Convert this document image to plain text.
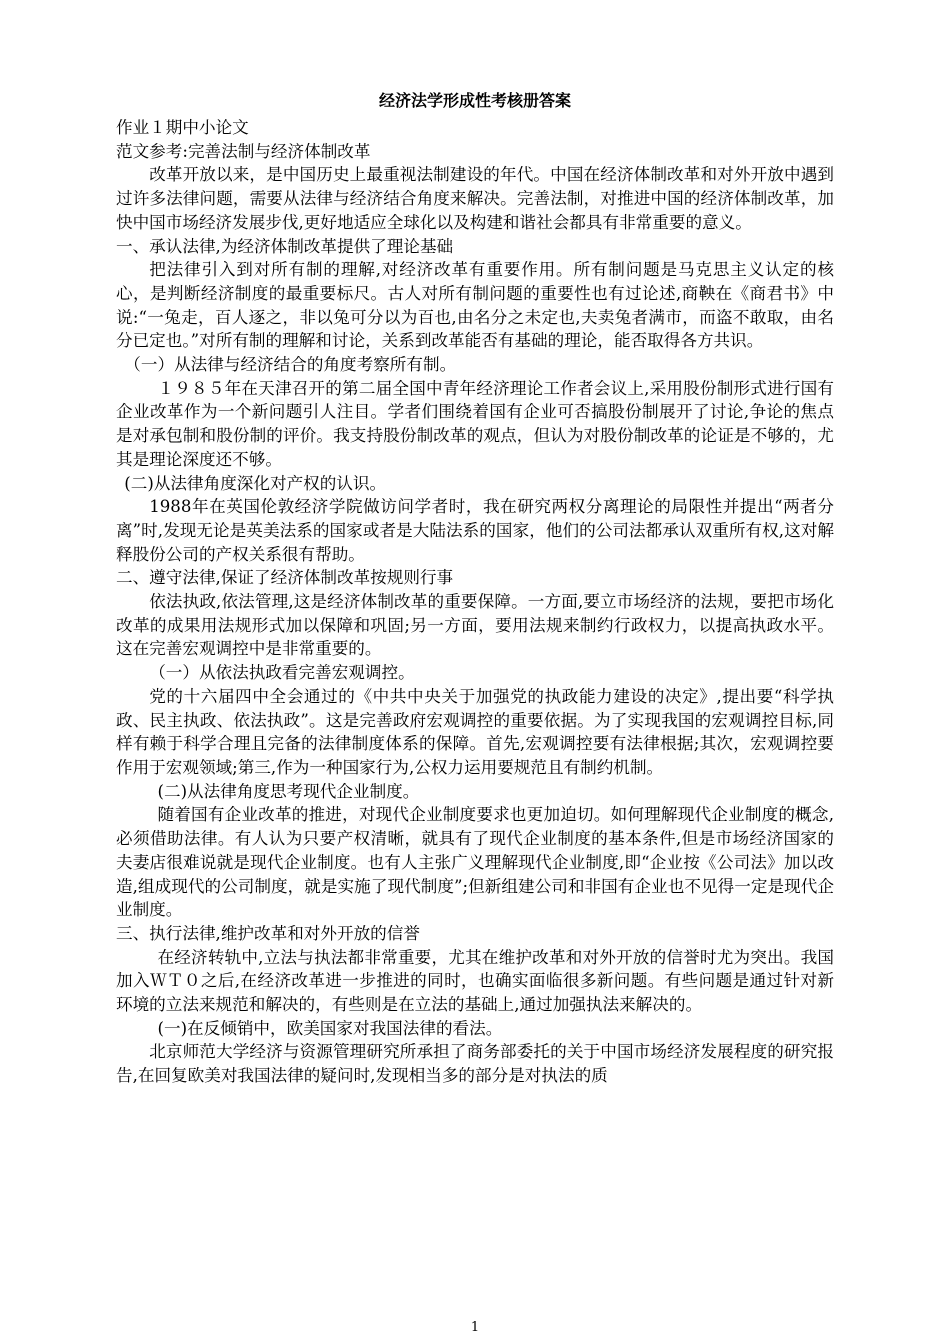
经济法学形成性考核册答案

作业１期中小论文

范文参考:完善法制与经济体制改革

改革开放以来，是中国历史上最重视法制建设的年代。中国在经济体制改革和对外开放中遇到过许多法律问题，需要从法律与经济结合角度来解决。完善法制，对推进中国的经济体制改革，加快中国市场经济发展步伐,更好地适应全球化以及构建和谐社会都具有非常重要的意义。

一、承认法律,为经济体制改革提供了理论基础

把法律引入到对所有制的理解,对经济改革有重要作用。所有制问题是马克思主义认定的核心，是判断经济制度的最重要标尺。古人对所有制问题的重要性也有过论述,商鞅在《商君书》中说:“一兔走，百人逐之，非以兔可分以为百也,由名分之未定也,夫卖兔者满市，而盗不敢取，由名分已定也。”对所有制的理解和讨论，关系到改革能否有基础的理论，能否取得各方共识。

（一）从法律与经济结合的角度考察所有制。

１９８５年在天津召开的第二届全国中青年经济理论工作者会议上,采用股份制形式进行国有企业改革作为一个新问题引人注目。学者们围绕着国有企业可否搞股份制展开了讨论,争论的焦点是对承包制和股份制的评价。我支持股份制改革的观点，但认为对股份制改革的论证是不够的，尤其是理论深度还不够。

(二)从法律角度深化对产权的认识。

1988年在英国伦敦经济学院做访问学者时，我在研究两权分离理论的局限性并提出“两者分离”时,发现无论是英美法系的国家或者是大陆法系的国家，他们的公司法都承认双重所有权,这对解释股份公司的产权关系很有帮助。

二、遵守法律,保证了经济体制改革按规则行事

依法执政,依法管理,这是经济体制改革的重要保障。一方面,要立市场经济的法规，要把市场化改革的成果用法规形式加以保障和巩固;另一方面，要用法规来制约行政权力，以提高执政水平。这在完善宏观调控中是非常重要的。

（一）从依法执政看完善宏观调控。

党的十六届四中全会通过的《中共中央关于加强党的执政能力建设的决定》,提出要“科学执政、民主执政、依法执政”。这是完善政府宏观调控的重要依据。为了实现我国的宏观调控目标,同样有赖于科学合理且完备的法律制度体系的保障。首先,宏观调控要有法律根据;其次，宏观调控要作用于宏观领域;第三,作为一种国家行为,公权力运用要规范且有制约机制。

(二)从法律角度思考现代企业制度。

随着国有企业改革的推进，对现代企业制度要求也更加迫切。如何理解现代企业制度的概念,必须借助法律。有人认为只要产权清晰，就具有了现代企业制度的基本条件,但是市场经济国家的夫妻店很难说就是现代企业制度。也有人主张广义理解现代企业制度,即“企业按《公司法》加以改造,组成现代的公司制度，就是实施了现代制度”;但新组建公司和非国有企业也不见得一定是现代企业制度。

三、执行法律,维护改革和对外开放的信誉

在经济转轨中,立法与执法都非常重要，尤其在维护改革和对外开放的信誉时尤为突出。我国加入ＷＴ０之后,在经济改革进一步推进的同时，也确实面临很多新问题。有些问题是通过针对新环境的立法来规范和解决的，有些则是在立法的基础上,通过加强执法来解决的。

(一)在反倾销中，欧美国家对我国法律的看法。

北京师范大学经济与资源管理研究所承担了商务部委托的关于中国市场经济发展程度的研究报告,在回复欧美对我国法律的疑问时,发现相当多的部分是对执法的质

1
